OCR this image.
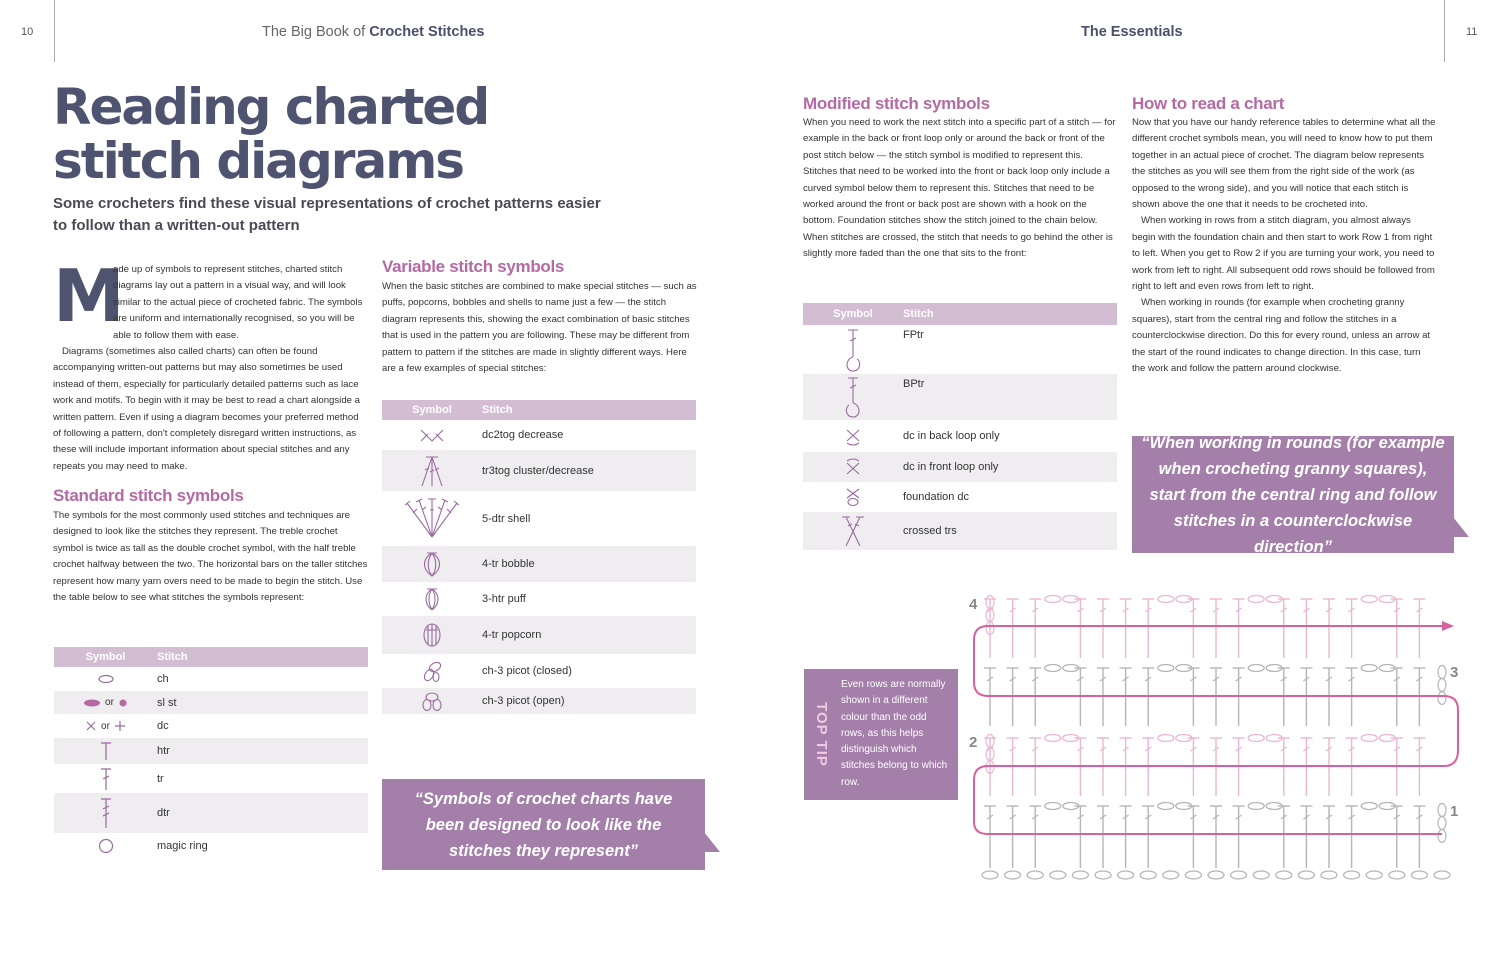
10	The Big Book of Crochet Stitches	The Essentials	11
Reading charted
stitch diagrams
Some crocheters find these visual representations of crochet patterns easier to follow than a written-out pattern
M

ade up of symbols to represent stitches, charted stitch diagrams lay out a pattern in a visual way, and will look similar to the actual piece of crocheted fabric. The symbols are uniform and internationally recognised, so you will be able to follow them with ease.

Diagrams (sometimes also called charts) can often be found accompanying written-out patterns but may also sometimes be used instead of them, especially for particularly detailed patterns such as lace work and motifs. To begin with it may be best to read a chart alongside a written pattern. Even if using a diagram becomes your preferred method of following a pattern, don't completely disregard written instructions, as these will include important information about special stitches and any repeats you may need to make.

Standard stitch symbols
The symbols for the most commonly used stitches and techniques are designed to look like the stitches they represent. The treble crochet symbol is twice as tall as the double crochet symbol, with the half treble crochet halfway between the two. The horizontal bars on the taller stitches represent how many yarn overs need to be made to begin the stitch. Use the table below to see what stitches the symbols represent:
Symbol	Stitch

	ch

or	sl st

or	dc

	htr

	tr

	dtr

	magic ring
Variable stitch symbols
When the basic stitches are combined to make special stitches — such as puffs, popcorns, bobbles and shells to name just a few — the stitch diagram represents this, showing the exact combination of basic stitches that is used in the pattern you are following. These may be different from pattern to pattern if the stitches are made in slightly different ways. Here are a few examples of special stitches:
Symbol	Stitch

	dc2tog decrease

	tr3tog cluster/decrease

	5-dtr shell

	4-tr bobble

	3-htr puff

	4-tr popcorn

	ch-3 picot (closed)

	ch-3 picot (open)
“Symbols of crochet charts have been designed to look like the stitches they represent”
Modified stitch symbols
When you need to work the next stitch into a specific part of a stitch — for example in the back or front loop only or around the back or front of the post stitch below — the stitch symbol is modified to represent this. Stitches that need to be worked into the front or back loop only include a curved symbol below them to represent this. Stitches that need to be worked around the front or back post are shown with a hook on the bottom. Foundation stitches show the stitch joined to the chain below. When stitches are crossed, the stitch that needs to go behind the other is slightly more faded than the one that sits to the front:
Symbol	Stitch

	FPtr

	BPtr

	dc in back loop only

	dc in front loop only

	foundation dc

	crossed trs
How to read a chart

Now that you have our handy reference tables to determine what all the different crochet symbols mean, you will need to know how to put them together in an actual piece of crochet. The diagram below represents the stitches as you will see them from the right side of the work (as opposed to the wrong side), and you will notice that each stitch is shown above the one that it needs to be crocheted into.

When working in rows from a stitch diagram, you almost always begin with the foundation chain and then start to work Row 1 from right to left. When you get to Row 2 if you are turning your work, you need to work from left to right. All subsequent odd rows should be followed from right to left and even rows from left to right.

When working in rounds (for example when crocheting granny squares), start from the central ring and follow the stitches in a counterclockwise direction. Do this for every round, unless an arrow at the start of the round indicates to change direction. In this case, turn the work and follow the pattern around clockwise.

“When working in rounds (for example when crocheting granny squares), start from the central ring and follow stitches in a counterclockwise direction”
TOP TIP
Even rows are normally shown in a different colour than the odd rows, as this helps distinguish which stitches belong to which row.
4
3
2
1
